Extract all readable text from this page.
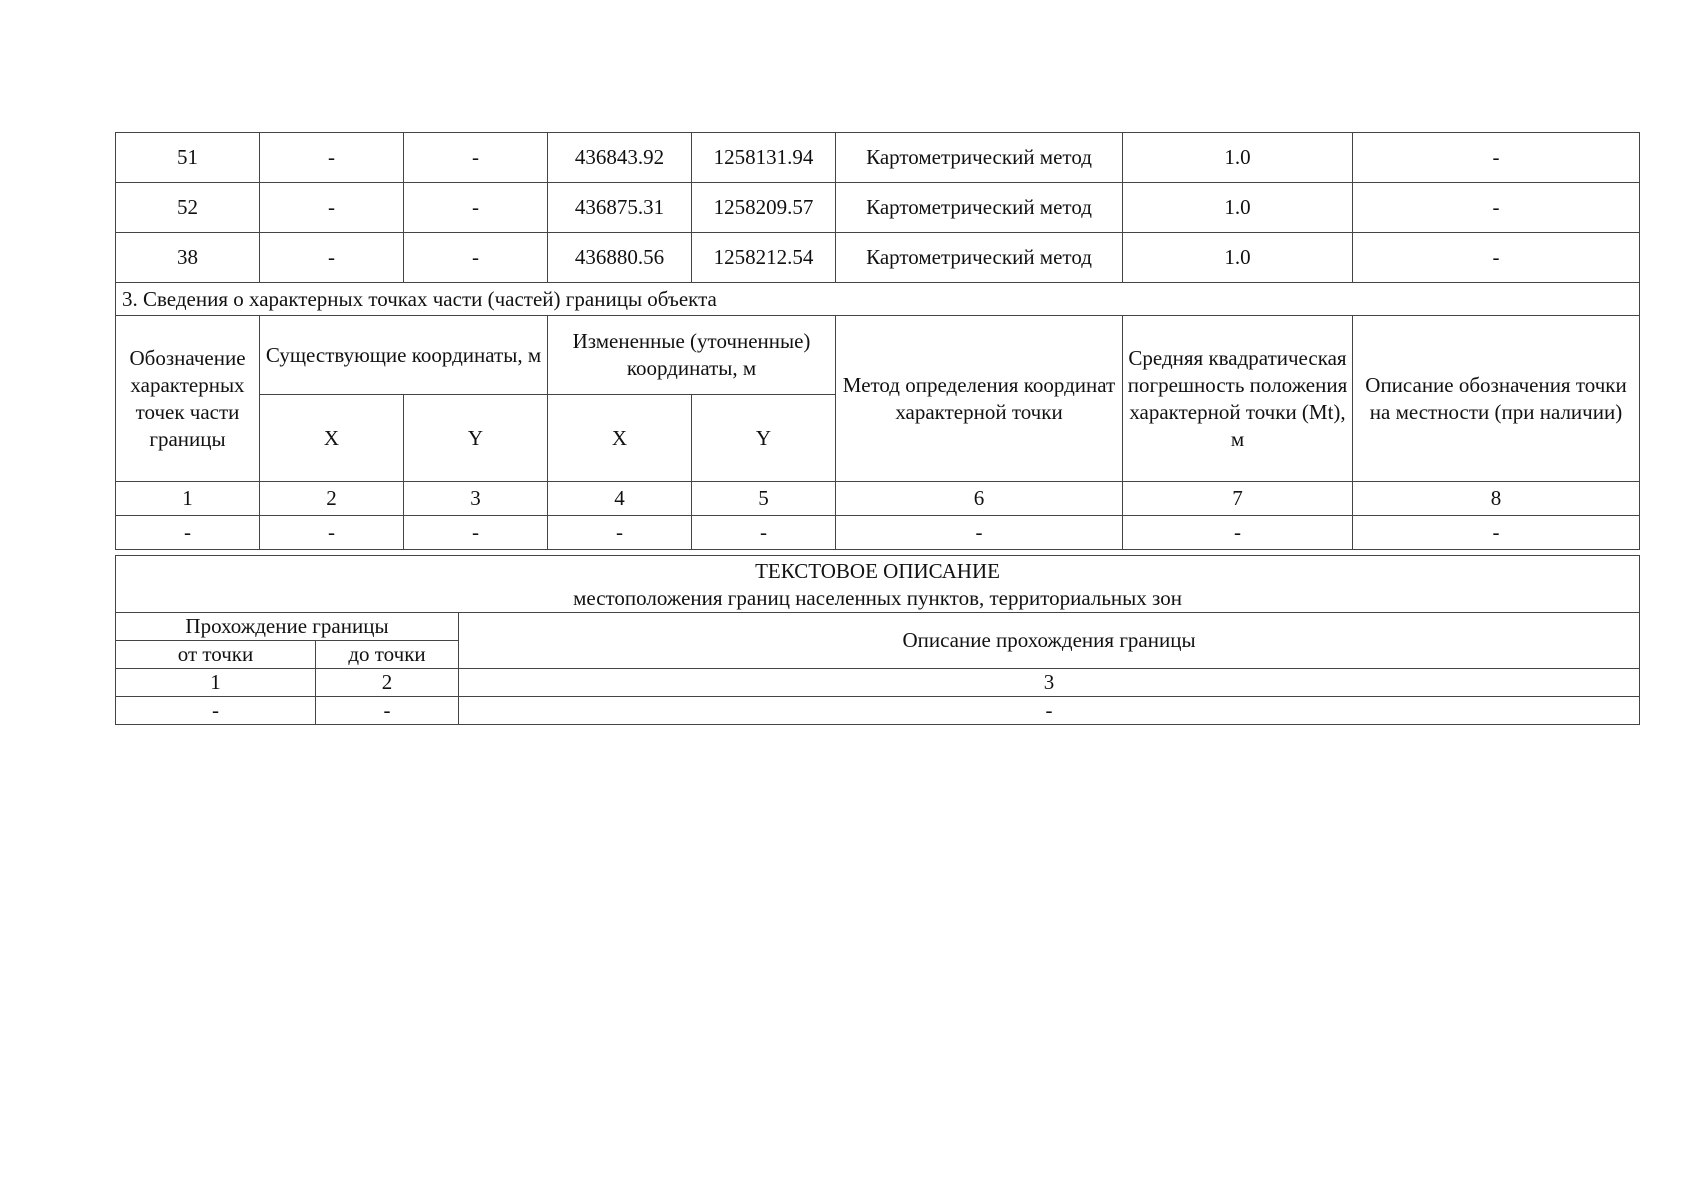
51	-	-	436843.92	1258131.94	Картометрический метод	1.0	-
52	-	-	436875.31	1258209.57	Картометрический метод	1.0	-
38	-	-	436880.56	1258212.54	Картометрический метод	1.0	-
3. Сведения о характерных точках части (частей) границы объекта							
Обозначение характерных точек части границы	Существующие координаты, м		Измененные (уточненные) координаты, м		Метод определения координат характерной точки	Средняя квадратическая погрешность положения характерной точки (Mt), м	Описание обозначения точки на местности (при наличии)
	X	Y	X	Y			
1	2	3	4	5	6	7	8
-	-	-	-	-	-	-	-
ТЕКСТОВОЕ ОПИСАНИЕ
местоположения границ населенных пунктов, территориальных зон		

Прохождение границы		Описание прохождения границы
от точки	до точки	
1	2	3
-	-	-
